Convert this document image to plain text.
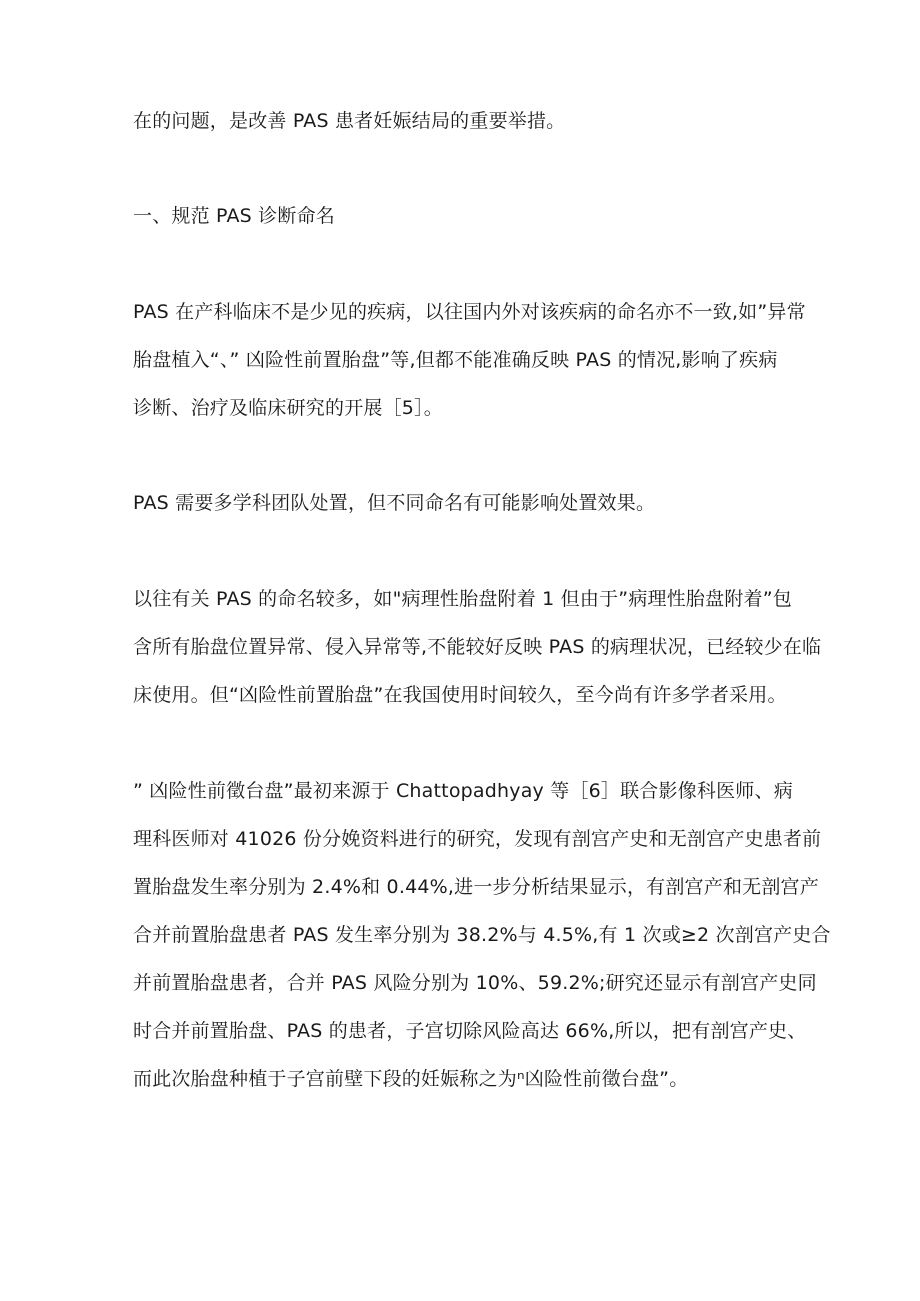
在的问题，是改善 PAS 患者妊娠结局的重要举措。
一、规范 PAS 诊断命名
PAS 在产科临床不是少见的疾病，以往国内外对该疾病的命名亦不一致,如”异常
胎盘植入“、” 凶险性前置胎盘”等,但都不能准确反映 PAS 的情况,影响了疾病
诊断、治疗及临床研究的开展［5］。
PAS 需要多学科团队处置，但不同命名有可能影响处置效果。
以往有关 PAS 的命名较多，如"病理性胎盘附着 1 但由于”病理性胎盘附着”包
含所有胎盘位置异常、侵入异常等,不能较好反映 PAS 的病理状况，已经较少在临
床使用。但“凶险性前置胎盘”在我国使用时间较久，至今尚有许多学者采用。
” 凶险性前徵台盘”最初来源于 Chattopadhyay 等［6］联合影像科医师、病
理科医师对 41026 份分娩资料进行的研究，发现有剖宫产史和无剖宫产史患者前
置胎盘发生率分别为 2.4%和 0.44%,进一步分析结果显示，有剖宫产和无剖宫产
合并前置胎盘患者 PAS 发生率分别为 38.2%与 4.5%,有 1 次或≥2 次剖宫产史合
并前置胎盘患者，合并 PAS 风险分别为 10%、59.2%;研究还显示有剖宫产史同
时合并前置胎盘、PAS 的患者，子宫切除风险高达 66%,所以，把有剖宫产史、
而此次胎盘种植于子宫前壁下段的妊娠称之为ⁿ凶险性前徵台盘”。
